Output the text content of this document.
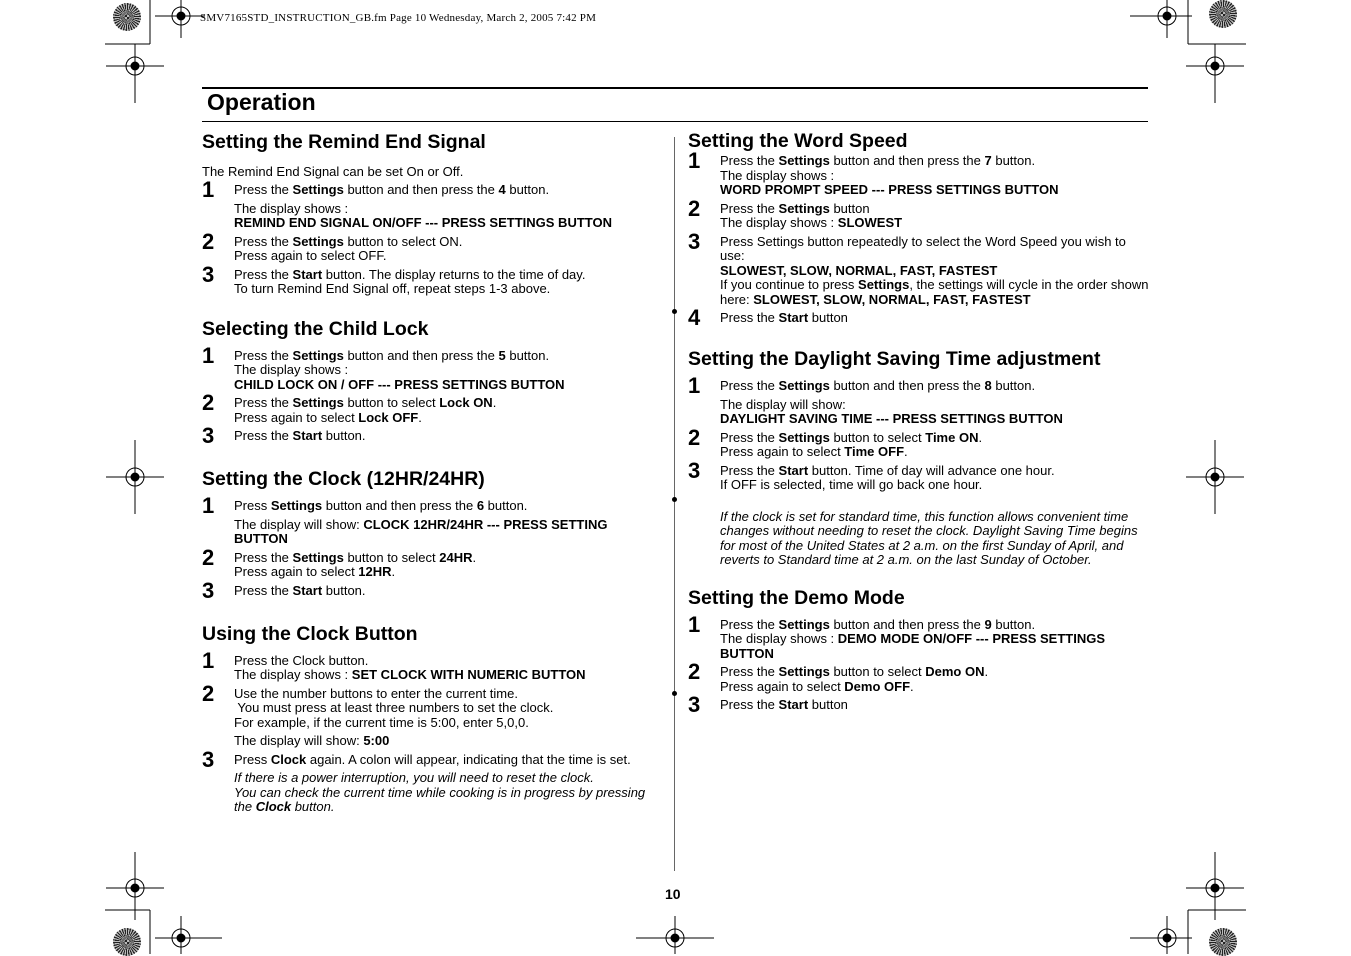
SMV7165STD_INSTRUCTION_GB.fm Page 10 Wednesday, March 2, 2005 7:42 PM
Operation
Setting the Remind End Signal

The Remind End Signal can be set On or Off.

1	Press the Settings button and then press the 4 button.

The display shows :

REMIND END SIGNAL ON/OFF --- PRESS SETTINGS BUTTON

2	Press the Settings button to select ON.

Press again to select OFF.

3	Press the Start button. The display returns to the time of day.

To turn Remind End Signal off, repeat steps 1-3 above.

Selecting the Child Lock
1	Press the Settings button and then press the 5 button.

The display shows :

CHILD LOCK ON / OFF --- PRESS SETTINGS BUTTON

2	Press the Settings button to select Lock ON.

Press again to select Lock OFF.

3	Press the Start button.

Setting the Clock (12HR/24HR)
1	Press Settings button and then press the 6 button.

The display will show: CLOCK 12HR/24HR --- PRESS SETTING BUTTON

2	Press the Settings button to select 24HR.

Press again to select 12HR.

3	Press the Start button.

Using the Clock Button
1	Press the Clock button.

The display shows : SET CLOCK WITH NUMERIC BUTTON

2	Use the number buttons to enter the current time.

You must press at least three numbers to set the clock.

For example, if the current time is 5:00, enter 5,0,0.

The display will show: 5:00

3	Press Clock again. A colon will appear, indicating that the time is set.

If there is a power interruption, you will need to reset the clock.

You can check the current time while cooking is in progress by pressing the Clock button.

Setting the Word Speed
1	Press the Settings button and then press the 7 button.

The display shows :

WORD PROMPT SPEED --- PRESS SETTINGS BUTTON

2	Press the Settings button

The display shows : SLOWEST

3	Press Settings button repeatedly to select the Word Speed you wish to use:

SLOWEST, SLOW, NORMAL, FAST, FASTEST

If you continue to press Settings, the settings will cycle in the order shown here: SLOWEST, SLOW, NORMAL, FAST, FASTEST

4	Press the Start button

Setting the Daylight Saving Time adjustment
1	Press the Settings button and then press the 8 button.

The display will show:

DAYLIGHT SAVING TIME --- PRESS SETTINGS BUTTON

2	Press the Settings button to select Time ON.

Press again to select Time OFF.

3	Press the Start button. Time of day will advance one hour.

If OFF is selected, time will go back one hour.

If the clock is set for standard time, this function allows convenient time changes without needing to reset the clock. Daylight Saving Time begins for most of the United States at 2 a.m. on the first Sunday of April, and reverts to Standard time at 2 a.m. on the last Sunday of October.

Setting the Demo Mode
1	Press the Settings button and then press the 9 button.

The display shows : DEMO MODE ON/OFF --- PRESS SETTINGS BUTTON

2	Press the Settings button to select Demo ON.

Press again to select Demo OFF.

3	Press the Start button

10
